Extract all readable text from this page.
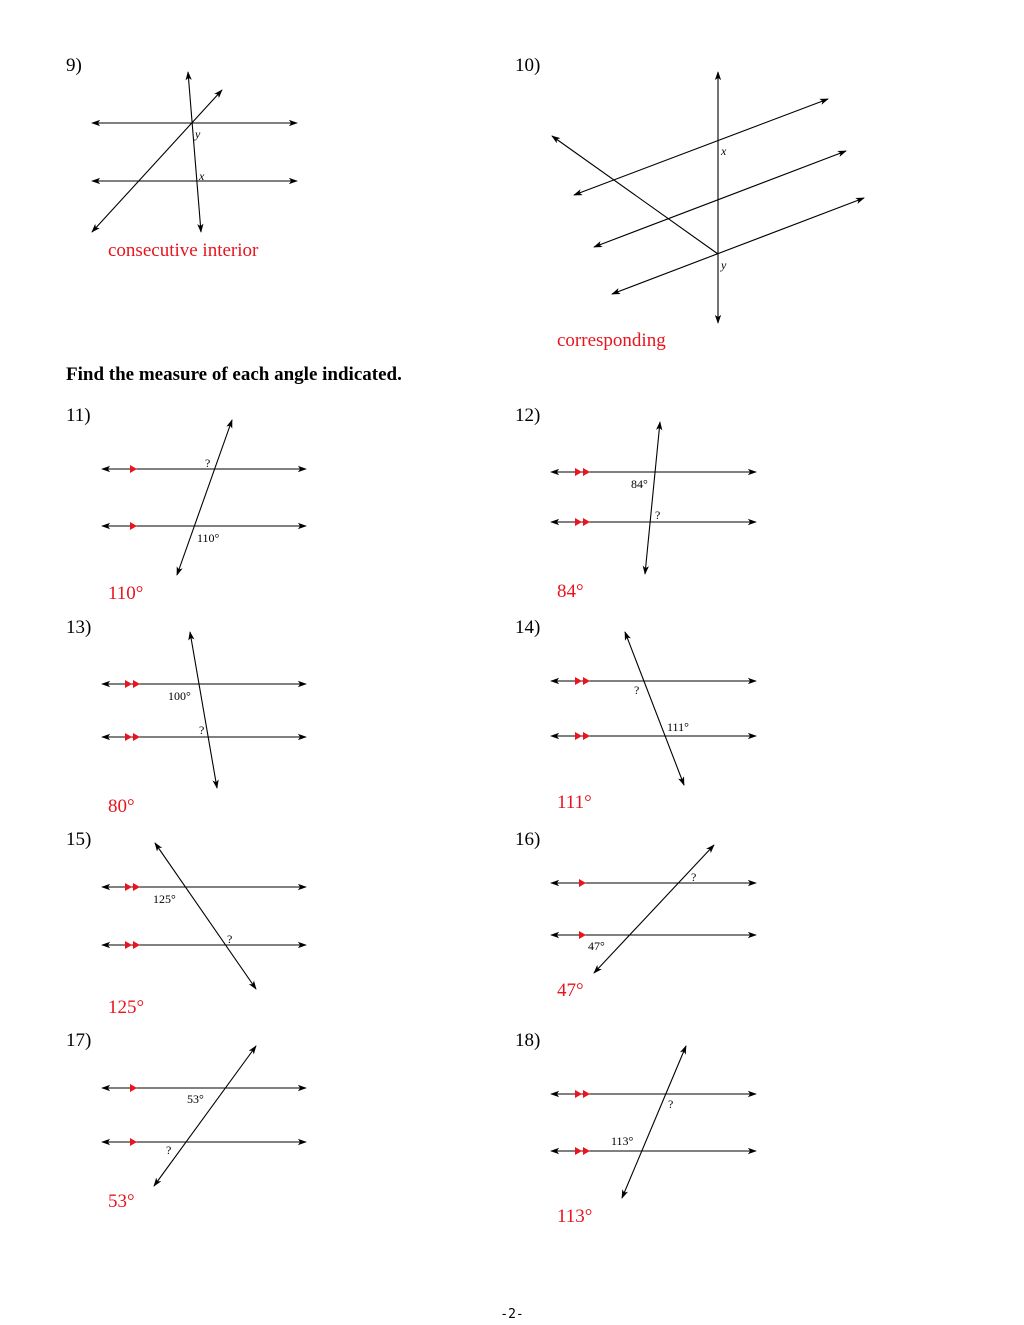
9)	10)
11)	12)
13)	14)
15)	16)
17)	18)
consecutive interior
corresponding
110°	84°
80°	111°
125°
47°
53°
113°
Find the measure of each angle indicated.
-2-
y
x
x
y
?
110°
84°
?
100°
?
?
111°
125°
?
?
47°
53°
?
?
113°
